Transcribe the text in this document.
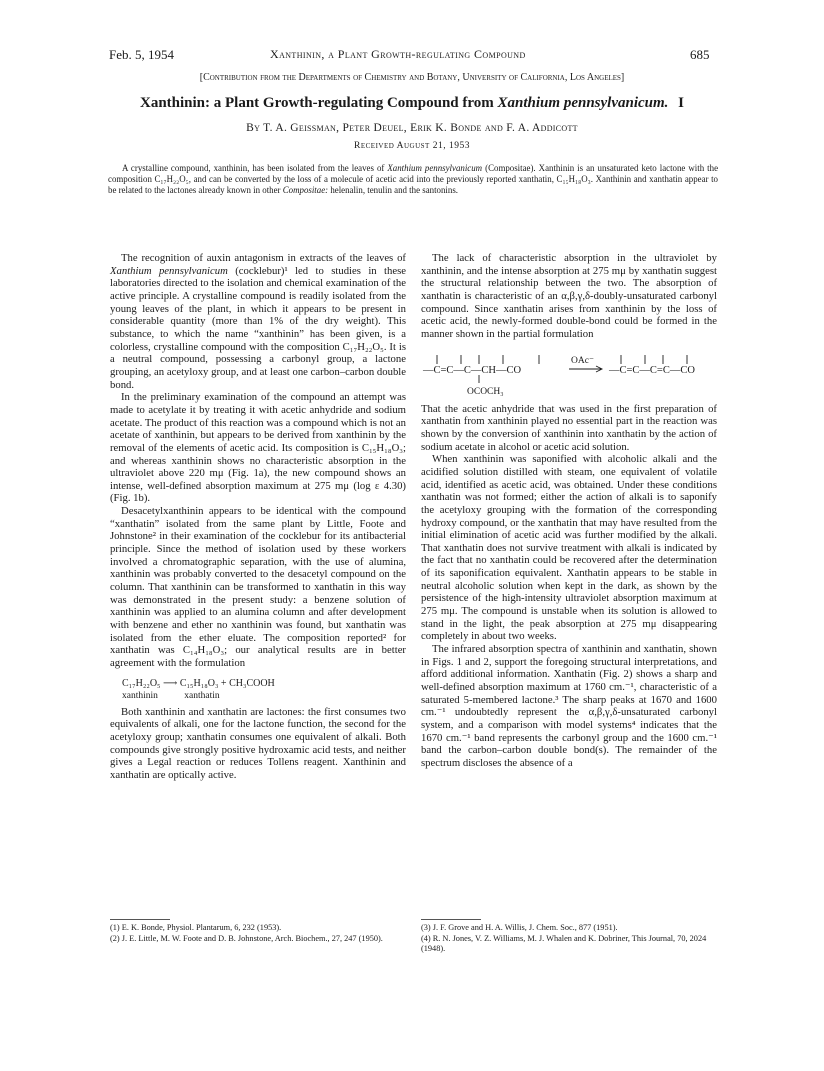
Feb. 5, 1954	Xanthinin, a Plant Growth-regulating Compound	685
[Contribution from the Departments of Chemistry and Botany, University of California, Los Angeles]
Xanthinin: a Plant Growth-regulating Compound from Xanthium pennsylvanicum. I
By T. A. Geissman, Peter Deuel, Erik K. Bonde and F. A. Addicott
Received August 21, 1953

A crystalline compound, xanthinin, has been isolated from the leaves of Xanthium pennsylvanicum (Compositae). Xanthinin is an unsaturated keto lactone with the composition C₁₇H₂₂O₅, and can be converted by the loss of a molecule of acetic acid into the previously reported xanthatin, C₁₅H₁₈O₃. Xanthinin and xanthatin appear to be related to the lactones already known in other Compositae: helenalin, tenulin and the santonins.

The recognition of auxin antagonism in extracts of the leaves of Xanthium pennsylvanicum (cocklebur)¹ led to studies in these laboratories directed to the isolation and chemical examination of the active principle. A crystalline compound is readily isolated from the young leaves of the plant, in which it appears to be present in considerable quantity (more than 1% of the dry weight). This substance, to which the name “xanthinin” has been given, is a colorless, crystalline compound with the composition C₁₇H₂₂O₅. It is a neutral compound, possessing a carbonyl group, a lactone grouping, an acetyloxy group, and at least one carbon–carbon double bond.

In the preliminary examination of the compound an attempt was made to acetylate it by treating it with acetic anhydride and sodium acetate. The product of this reaction was a compound which is not an acetate of xanthinin, but appears to be derived from xanthinin by the removal of the elements of acetic acid. Its composition is C₁₅H₁₈O₃; and whereas xanthinin shows no characteristic absorption in the ultraviolet above 220 mμ (Fig. 1a), the new compound shows an intense, well-defined absorption maximum at 275 mμ (log ε 4.30) (Fig. 1b).

Desacetylxanthinin appears to be identical with the compound “xanthatin” isolated from the same plant by Little, Foote and Johnstone² in their examination of the cocklebur for its antibacterial principle. Since the method of isolation used by these workers involved a chromatographic separation, with the use of alumina, xanthinin was probably converted to the desacetyl compound on the column. That xanthinin can be transformed to xanthatin in this way was demonstrated in the present study: a benzene solution of xanthinin was applied to an alumina column and after development with benzene and ether no xanthinin was found, but xanthatin was isolated from the ether eluate. The composition reported² for xanthatin was C₁₄H₁₈O₃; our analytical results are in better agreement with the formulation

C₁₇H₂₂O₅ ⟶ C₁₅H₁₈O₃ + CH₃COOH
xanthinin	xanthatin

Both xanthinin and xanthatin are lactones: the first consumes two equivalents of alkali, one for the lactone function, the second for the acetyloxy group; xanthatin consumes one equivalent of alkali. Both compounds give strongly positive hydroxamic acid tests, and neither gives a Legal reaction or reduces Tollens reagent. Xanthinin and xanthatin are optically active.

The lack of characteristic absorption in the ultraviolet by xanthinin, and the intense absorption at 275 mμ by xanthatin suggest the structural relationship between the two. The absorption of xanthatin is characteristic of an α,β,γ,δ-doubly-unsaturated carbonyl compound. Since xanthatin arises from xanthinin by the loss of acetic acid, the newly-formed double-bond could be formed in the manner shown in the partial formulation

—C=C—C—CH—CO
OAc⁻
—C=C—C=C—CO
OCOCH₃

That the acetic anhydride that was used in the first preparation of xanthatin from xanthinin played no essential part in the reaction was shown by the conversion of xanthinin into xanthatin by the action of sodium acetate in alcohol or acetic acid solution.

When xanthinin was saponified with alcoholic alkali and the acidified solution distilled with steam, one equivalent of volatile acid, identified as acetic acid, was obtained. Under these conditions xanthatin was not formed; either the action of alkali is to saponify the acetyloxy grouping with the formation of the corresponding hydroxy compound, or the xanthatin that may have resulted from the initial elimination of acetic acid was further modified by the alkali. That xanthatin does not survive treatment with alkali is indicated by the fact that no xanthatin could be recovered after the determination of its saponification equivalent. Xanthatin appears to be stable in neutral alcoholic solution when kept in the dark, as shown by the persistence of the high-intensity ultraviolet absorption maximum at 275 mμ. The compound is unstable when its solution is allowed to stand in the light, the peak absorption at 275 mμ disappearing completely in about two weeks.

The infrared absorption spectra of xanthinin and xanthatin, shown in Figs. 1 and 2, support the foregoing structural interpretations, and afford additional information. Xanthatin (Fig. 2) shows a sharp and well-defined absorption maximum at 1760 cm.⁻¹, characteristic of a saturated 5-membered lactone.³ The sharp peaks at 1670 and 1600 cm.⁻¹ undoubtedly represent the α,β,γ,δ-unsaturated carbonyl system, and a comparison with model systems⁴ indicates that the 1670 cm.⁻¹ band represents the carbonyl group and the 1600 cm.⁻¹ band the carbon–carbon double bond(s). The remainder of the spectrum discloses the absence of a

(1) E. K. Bonde, Physiol. Plantarum, 6, 232 (1953).

(2) J. E. Little, M. W. Foote and D. B. Johnstone, Arch. Biochem., 27, 247 (1950).

(3) J. F. Grove and H. A. Willis, J. Chem. Soc., 877 (1951).

(4) R. N. Jones, V. Z. Williams, M. J. Whalen and K. Dobriner, This Journal, 70, 2024 (1948).
